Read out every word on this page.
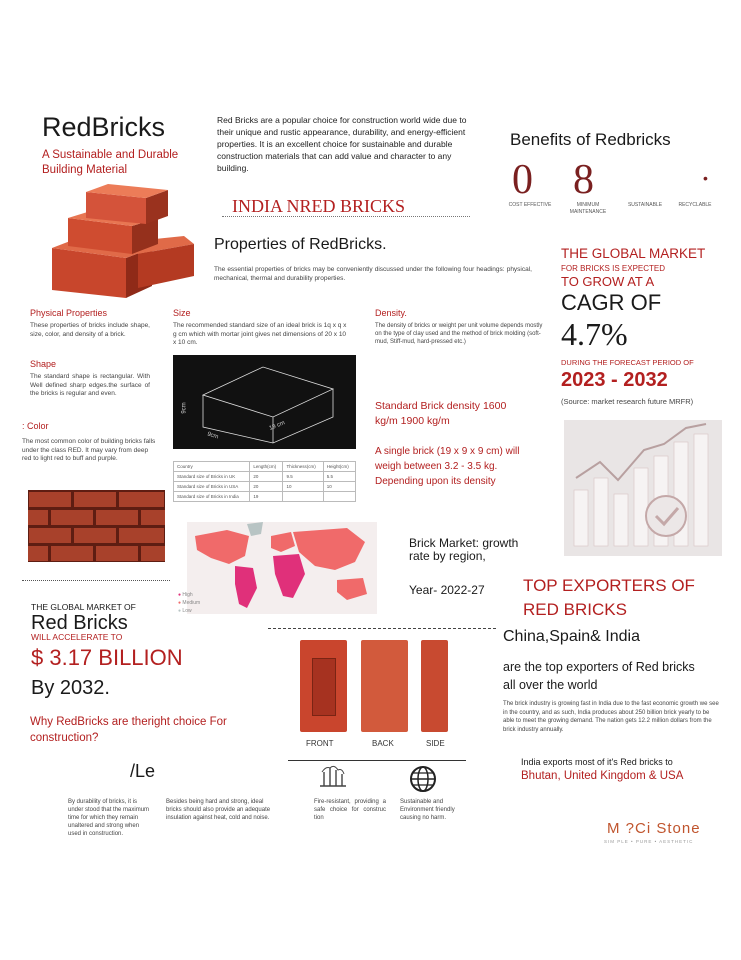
RedBricks
A Sustainable and Durable Building Material
Red Bricks are a popular choice for construction world wide due to their unique and rustic appearance, durability, and energy-efficient properties. It is an excellent choice for sustainable and durable construction materials that can add value and character to any building.
INDIA NRED BRICKS
Benefits of Redbricks
0 8	•
COST EFFECTIVE	MINIMUM MAINTENANCE
SUSTAINABLE	RECYCLABLE
Properties of RedBricks.
The essential properties of bricks may be conveniently discussed under the following four headings: physical, mechanical, thermal and durability properties.
Physical Properties
These properties of bricks include shape, size, color, and density of a brick.
Shape
The standard shape is rectangular. With Well defined sharp edges.the surface of the bricks is regular and even.
: Color
The most common color of building bricks falls under the class RED. It may vary from deep red to light red to buff and purple.
Size
The recommended standard size of an ideal brick is 1q x q x g cm which with mortar joint gives net dimensions of 20 x 10 x 10 cm.
9cm
19 cm
9cm
Country	Length(cm)	Thickness(cm)	Height(cm)
Standard size of Bricks in UK	20	9.5	5.5
Standard size of Bricks in USA	20	10	10
Standard size of Bricks in India	19		
Density.
The density of bricks or weight per unit volume depends mostly on the type of clay used and the method of brick molding (soft-mud, Stiff-mud, hard-pressed etc.)
Standard Brick density 1600 kg/m 1900 kg/m
A single brick (19 x 9 x 9 cm) will weigh between 3.2 - 3.5 kg. Depending upon its density
THE GLOBAL MARKET
FOR BRICKS IS EXPECTED
TO GROW AT A
CAGR OF
4.7%
DURING THE FORECAST PERIOD OF
2023 - 2032
(Source: market research future MRFR)
● High
● Medium
● Low
Brick Market: growth rate by region,
Year- 2022-27
THE GLOBAL MARKET OF
Red Bricks
WILL ACCELERATE TO
$ 3.17 BILLION
By 2032.
TOP EXPORTERS OF RED BRICKS
China,Spain& India
are the top exporters of Red bricks all over the world
The brick industry is growing fast in India due to the fast economic growth we see in the country, and as such, India produces about 250 billion brick yearly to be able to meet the growing demand. The nation gets 12.2 million dollars from the brick industry annually.
India exports most of it's Red bricks to
Bhutan, United Kingdom & USA
FRONT	BACK	SIDE
Why RedBricks are theright choice For construction?
/Le
By durability of bricks, it is under stood that the maximum time for which they remain unaltered and strong when used in construction.
Besides being hard and strong, ideal bricks should also provide an adequate insulation against heat, cold and noise.
Fire-resistant, providing a safe choice for construc tion
Sustainable and Environment friendly causing no harm.
M ?Ci Stone
SIM PLE • PURE • AESTHETIC
